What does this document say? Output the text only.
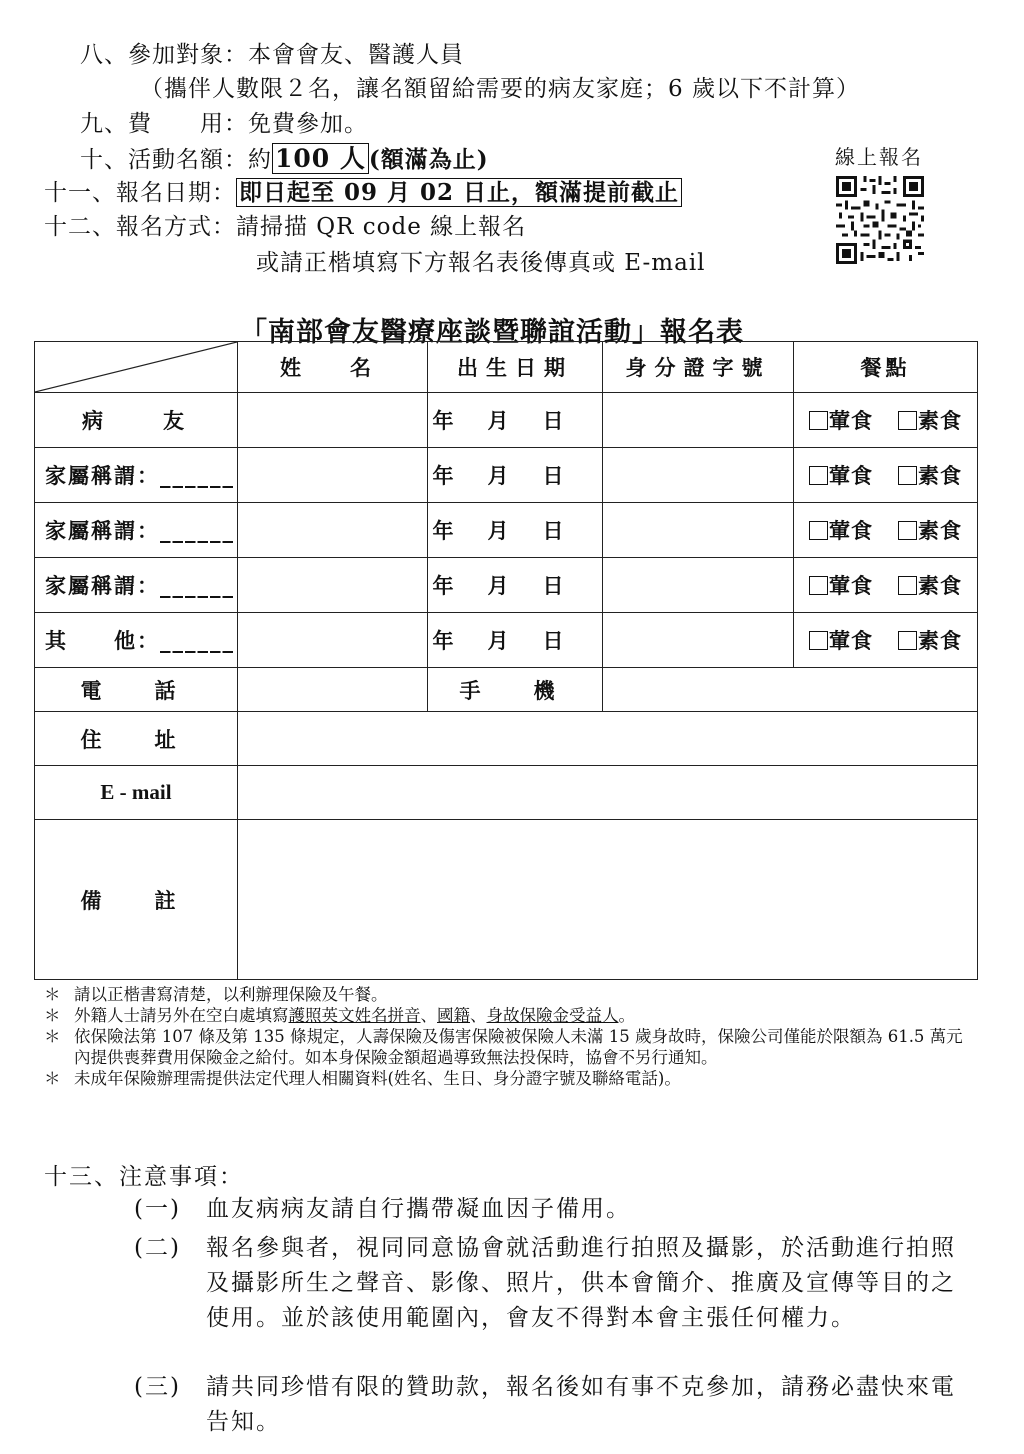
八、參加對象：本會會友、醫護人員
（攜伴人數限２名，讓名額留給需要的病友家庭；6 歲以下不計算）
九、費　　用：免費參加。
十、活動名額：約 100 人 (額滿為止)
十一、報名日期： 即日起至 09 月 02 日止，額滿提前截止
十二、報名方式：請掃描 QR code 線上報名
或請正楷填寫下方報名表後傳真或 E-mail
線上報名
「南部會友醫療座談暨聯誼活動」報名表
	姓　名	出生日期	身分證字號	餐點
病　　友		年月日		葷食 素食
家屬稱謂：______		年月日		葷食 素食
家屬稱謂：______		年月日		葷食 素食
家屬稱謂：______		年月日		葷食 素食
其　　他：______		年月日		葷食 素食
電　話		手　機		
住　址				
E - mail				
備　註				
＊ 請以正楷書寫清楚，以利辦理保險及午餐。
＊ 外籍人士請另外在空白處填寫護照英文姓名拼音、國籍、身故保險金受益人。
＊ 依保險法第 107 條及第 135 條規定，人壽保險及傷害保險被保險人未滿 15 歲身故時，保險公司僅能於限額為 61.5 萬元內提供喪葬費用保險金之給付。如本身保險金額超過導致無法投保時，協會不另行通知。
＊ 未成年保險辦理需提供法定代理人相關資料(姓名、生日、身分證字號及聯絡電話)。
十三、注意事項：
(一) 血友病病友請自行攜帶凝血因子備用。
(二) 報名參與者，視同同意協會就活動進行拍照及攝影，於活動進行拍照及攝影所生之聲音、影像、照片，供本會簡介、推廣及宣傳等目的之使用。並於該使用範圍內，會友不得對本會主張任何權力。
(三) 請共同珍惜有限的贊助款，報名後如有事不克參加，請務必盡快來電告知。
